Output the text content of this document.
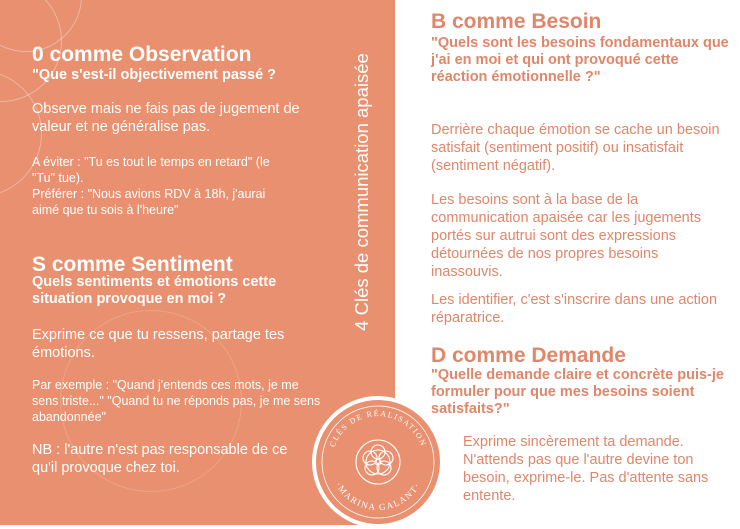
0 comme Observation

"Que s'est-il objectivement passé ?

Observe mais ne fais pas de jugement de valeur et ne généralise pas.

A éviter : "Tu es tout le temps en retard" (le "Tu" tue).

Préférer : "Nous avions RDV à 18h, j'aurai aimé que tu sois à l'heure"

S comme Sentiment

Quels sentiments et émotions cette situation provoque en moi ?

Exprime ce que tu ressens, partage tes émotions.

Par exemple : "Quand j'entends ces mots, je me sens triste..." "Quand tu ne réponds pas, je me sens abandonnée"

NB : l'autre n'est pas responsable de ce qu'il provoque chez toi.

4 Clés de communication apaisée
B comme Besoin

"Quels sont les besoins fondamentaux que j'ai en moi et qui ont provoqué cette réaction émotionnelle ?"

Derrière chaque émotion se cache un besoin satisfait (sentiment positif) ou insatisfait (sentiment négatif).

Les besoins sont à la base de la communication apaisée car les jugements portés sur autrui sont des expressions détournées de nos propres besoins inassouvis.

Les identifier, c'est s'inscrire dans une action réparatrice.

D comme Demande

"Quelle demande claire et concrète puis-je formuler pour que mes besoins soient satisfaits?"

Exprime sincèrement ta demande. N'attends pas que l'autre devine ton besoin, exprime-le. Pas d'attente sans entente.

CLÉS DE RÉALISATION
·MARINA GALANT·
